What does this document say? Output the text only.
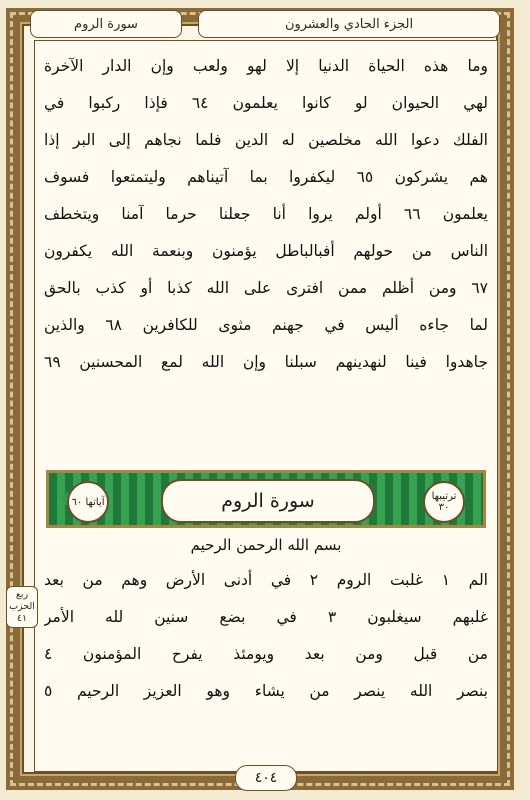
الجزء الحادي والعشرون
سورة الروم
وما هذه الحياة الدنيا إلا لهو ولعب وإن الدار الآخرة
لهي الحيوان لو كانوا يعلمون ٦٤ فإذا ركبوا في
الفلك دعوا الله مخلصين له الدين فلما نجاهم إلى البر إذا
هم يشركون ٦٥ ليكفروا بما آتيناهم وليتمتعوا فسوف
يعلمون ٦٦ أولم يروا أنا جعلنا حرما آمنا ويتخطف
الناس من حولهم أفبالباطل يؤمنون وبنعمة الله يكفرون
٦٧ ومن أظلم ممن افترى على الله كذبا أو كذب بالحق
لما جاءه أليس في جهنم مثوى للكافرين ٦٨ والذين
جاهدوا فينا لنهدينهم سبلنا وإن الله لمع المحسنين ٦٩
آياتها ٦٠	سورة الروم	ترتيبها ٣٠
بسم الله الرحمن الرحيم
الم ١ غلبت الروم ٢ في أدنى الأرض وهم من بعد
غلبهم سيغلبون ٣ في بضع سنين لله الأمر
من قبل ومن بعد ويومئذ يفرح المؤمنون ٤
بنصر الله ينصر من يشاء وهو العزيز الرحيم ٥
ربع الحزب ٤١
٤٠٤
